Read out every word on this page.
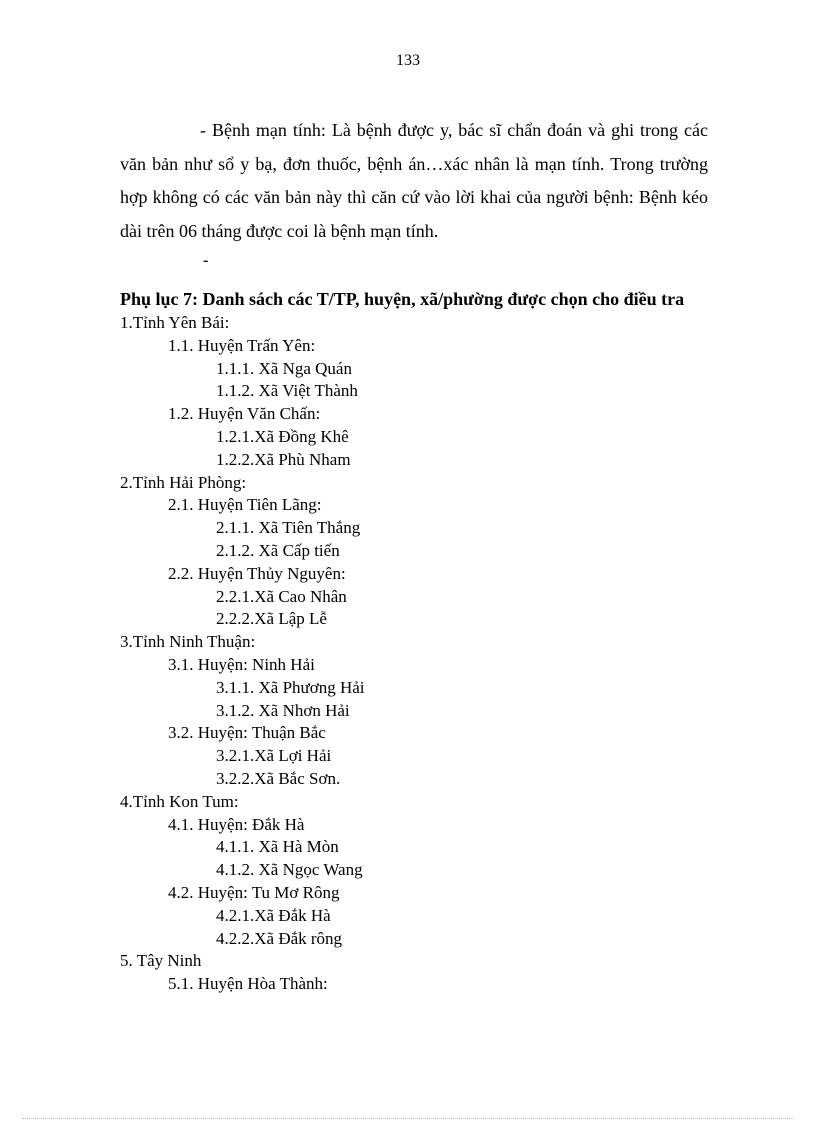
133

- Bệnh mạn tính: Là bệnh được y, bác sĩ chẩn đoán và ghi trong các văn bản như sổ y bạ, đơn thuốc, bệnh án…xác nhân là mạn tính. Trong trường hợp không có các văn bản này thì căn cứ vào lời khai của người bệnh: Bệnh kéo dài trên 06 tháng được coi là bệnh mạn tính.

-
Phụ lục 7: Danh sách các T/TP, huyện, xã/phường được chọn cho điều tra
1.Tỉnh Yên Bái:
1.1. Huyện Trấn Yên:
1.1.1. Xã Nga Quán
1.1.2. Xã Việt Thành
1.2. Huyện Văn Chấn:
1.2.1.Xã Đồng Khê
1.2.2.Xã Phù Nham
2.Tỉnh Hải Phòng:
2.1. Huyện Tiên Lãng:
2.1.1. Xã Tiên Thắng
2.1.2. Xã Cấp tiến
2.2. Huyện Thủy Nguyên:
2.2.1.Xã Cao Nhân
2.2.2.Xã Lập Lễ
3.Tỉnh Ninh Thuận:
3.1. Huyện: Ninh Hải
3.1.1. Xã Phương Hải
3.1.2. Xã Nhơn Hải
3.2. Huyện: Thuận Bắc
3.2.1.Xã Lợi Hải
3.2.2.Xã Bắc Sơn.
4.Tỉnh Kon Tum:
4.1. Huyện: Đắk Hà
4.1.1. Xã Hà Mòn
4.1.2. Xã Ngọc Wang
4.2. Huyện: Tu Mơ Rông
4.2.1.Xã Đắk Hà
4.2.2.Xã Đắk rông
5. Tây Ninh
5.1. Huyện Hòa Thành:
